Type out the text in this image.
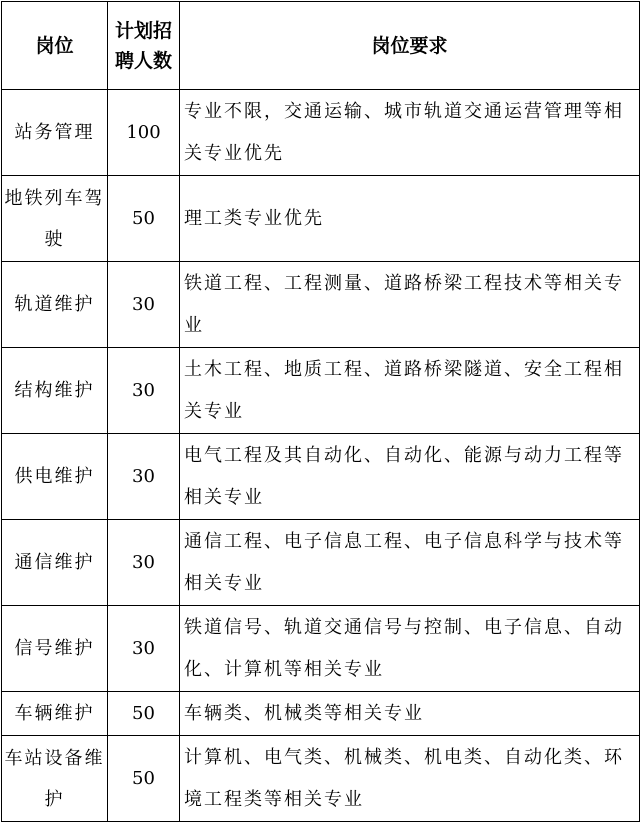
岗位	计划招聘人数	岗位要求
站务管理	100	专业不限，交通运输、城市轨道交通运营管理等相关专业优先
地铁列车驾驶	50	理工类专业优先
轨道维护	30	铁道工程、工程测量、道路桥梁工程技术等相关专业
结构维护	30	土木工程、地质工程、道路桥梁隧道、安全工程相关专业
供电维护	30	电气工程及其自动化、自动化、能源与动力工程等相关专业
通信维护	30	通信工程、电子信息工程、电子信息科学与技术等相关专业
信号维护	30	铁道信号、轨道交通信号与控制、电子信息、自动化、计算机等相关专业
车辆维护	50	车辆类、机械类等相关专业
车站设备维护	50	计算机、电气类、机械类、机电类、自动化类、环境工程类等相关专业
